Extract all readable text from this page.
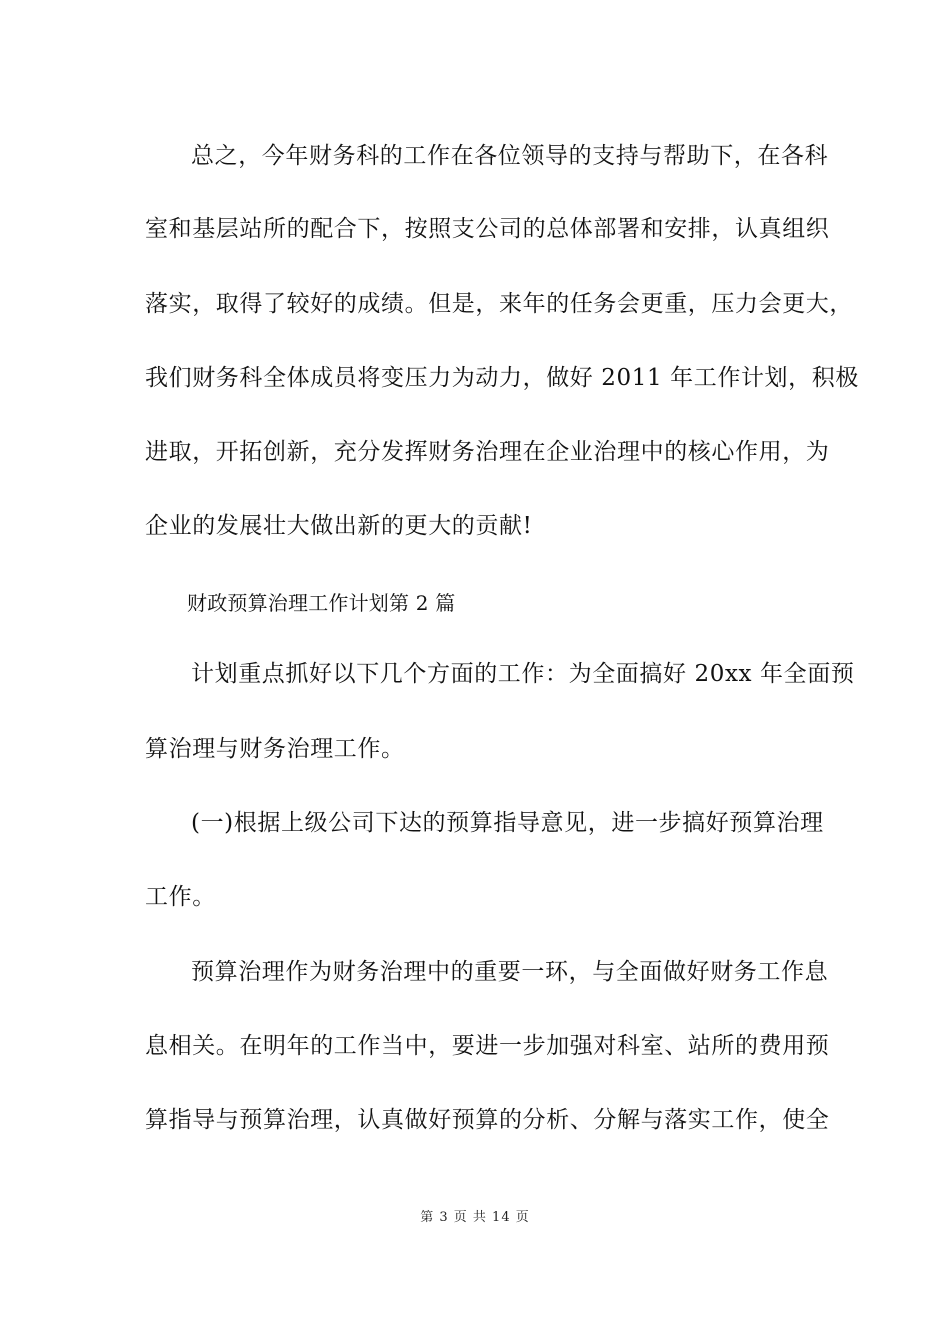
总之，今年财务科的工作在各位领导的支持与帮助下，在各科
室和基层站所的配合下，按照支公司的总体部署和安排，认真组织
落实，取得了较好的成绩。但是，来年的任务会更重，压力会更大，
我们财务科全体成员将变压力为动力，做好 2011 年工作计划，积极
进取，开拓创新，充分发挥财务治理在企业治理中的核心作用，为
企业的发展壮大做出新的更大的贡献!
财政预算治理工作计划第 2 篇
计划重点抓好以下几个方面的工作：为全面搞好 20xx 年全面预
算治理与财务治理工作。
(一)根据上级公司下达的预算指导意见，进一步搞好预算治理
工作。
预算治理作为财务治理中的重要一环，与全面做好财务工作息
息相关。在明年的工作当中，要进一步加强对科室、站所的费用预
算指导与预算治理，认真做好预算的分析、分解与落实工作，使全
第 3 页 共 14 页
